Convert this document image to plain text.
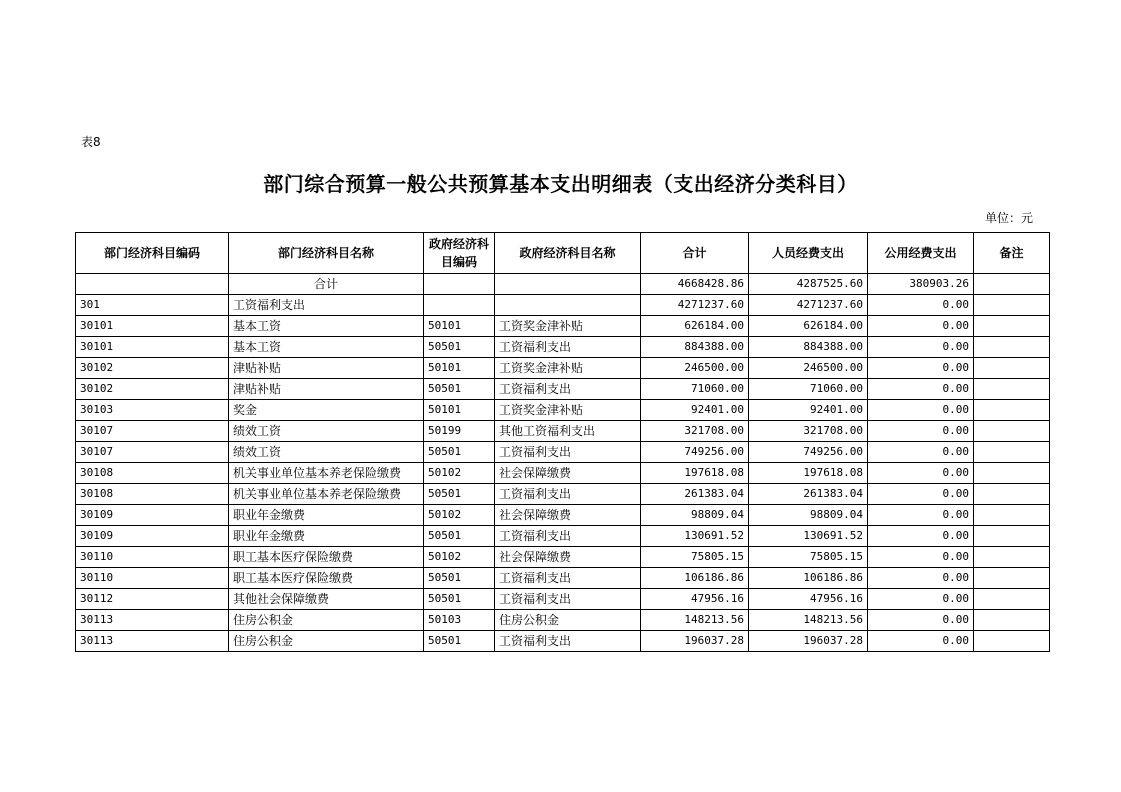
表8
部门综合预算一般公共预算基本支出明细表（支出经济分类科目）
单位：元
部门经济科目编码	部门经济科目名称	政府经济科目编码	政府经济科目名称	合计	人员经费支出	公用经费支出	备注
	合计			4668428.86	4287525.60	380903.26	
301	工资福利支出			4271237.60	4271237.60	0.00	
30101	基本工资	50101	工资奖金津补贴	626184.00	626184.00	0.00	
30101	基本工资	50501	工资福利支出	884388.00	884388.00	0.00	
30102	津贴补贴	50101	工资奖金津补贴	246500.00	246500.00	0.00	
30102	津贴补贴	50501	工资福利支出	71060.00	71060.00	0.00	
30103	奖金	50101	工资奖金津补贴	92401.00	92401.00	0.00	
30107	绩效工资	50199	其他工资福利支出	321708.00	321708.00	0.00	
30107	绩效工资	50501	工资福利支出	749256.00	749256.00	0.00	
30108	机关事业单位基本养老保险缴费	50102	社会保障缴费	197618.08	197618.08	0.00	
30108	机关事业单位基本养老保险缴费	50501	工资福利支出	261383.04	261383.04	0.00	
30109	职业年金缴费	50102	社会保障缴费	98809.04	98809.04	0.00	
30109	职业年金缴费	50501	工资福利支出	130691.52	130691.52	0.00	
30110	职工基本医疗保险缴费	50102	社会保障缴费	75805.15	75805.15	0.00	
30110	职工基本医疗保险缴费	50501	工资福利支出	106186.86	106186.86	0.00	
30112	其他社会保障缴费	50501	工资福利支出	47956.16	47956.16	0.00	
30113	住房公积金	50103	住房公积金	148213.56	148213.56	0.00	
30113	住房公积金	50501	工资福利支出	196037.28	196037.28	0.00	
